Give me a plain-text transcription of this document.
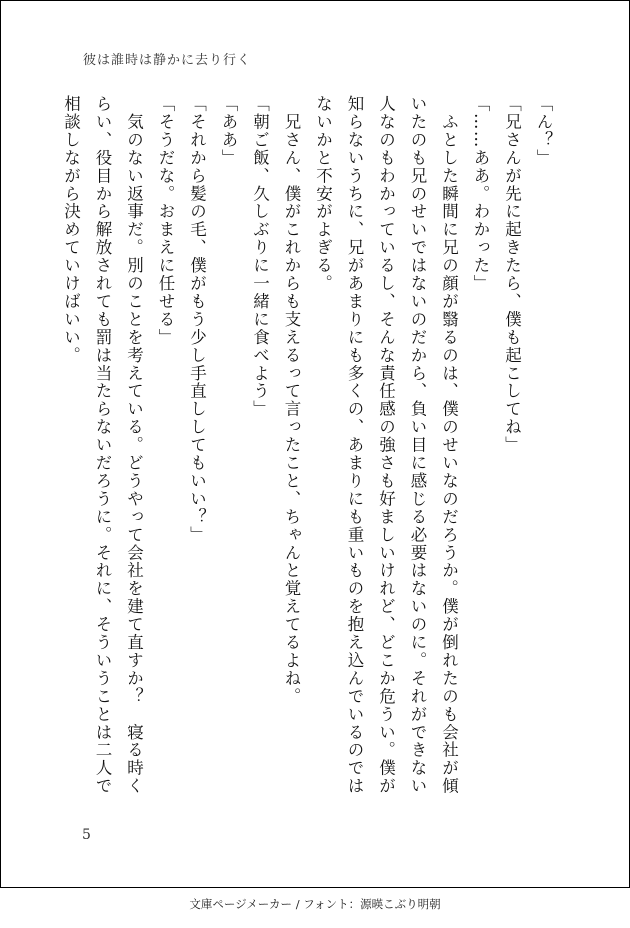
彼は誰時は静かに去り行く
「ん？」
「兄さんが先に起きたら、僕も起こしてね」
「……ああ。わかった」
　ふとした瞬間に兄の顔が翳るのは、僕のせいなのだろうか。僕が倒れたのも会社が傾
いたのも兄のせいではないのだから、負い目に感じる必要はないのに。それができない
人なのもわかっているし、そんな責任感の強さも好ましいけれど、どこか危うい。僕が
知らないうちに、兄があまりにも多くの、あまりにも重いものを抱え込んでいるのでは
ないかと不安がよぎる。
　兄さん、僕がこれからも支えるって言ったこと、ちゃんと覚えてるよね。
「朝ご飯、久しぶりに一緒に食べよう」
「ああ」
「それから髪の毛、僕がもう少し手直ししてもいい？」
「そうだな。おまえに任せる」
　気のない返事だ。別のことを考えている。どうやって会社を建て直すか？　寝る時く
らい、役目から解放されても罰は当たらないだろうに。それに、そういうことは二人で
相談しながら決めていけばいい。
5
文庫ページメーカー / フォント：源暎こぶり明朝
